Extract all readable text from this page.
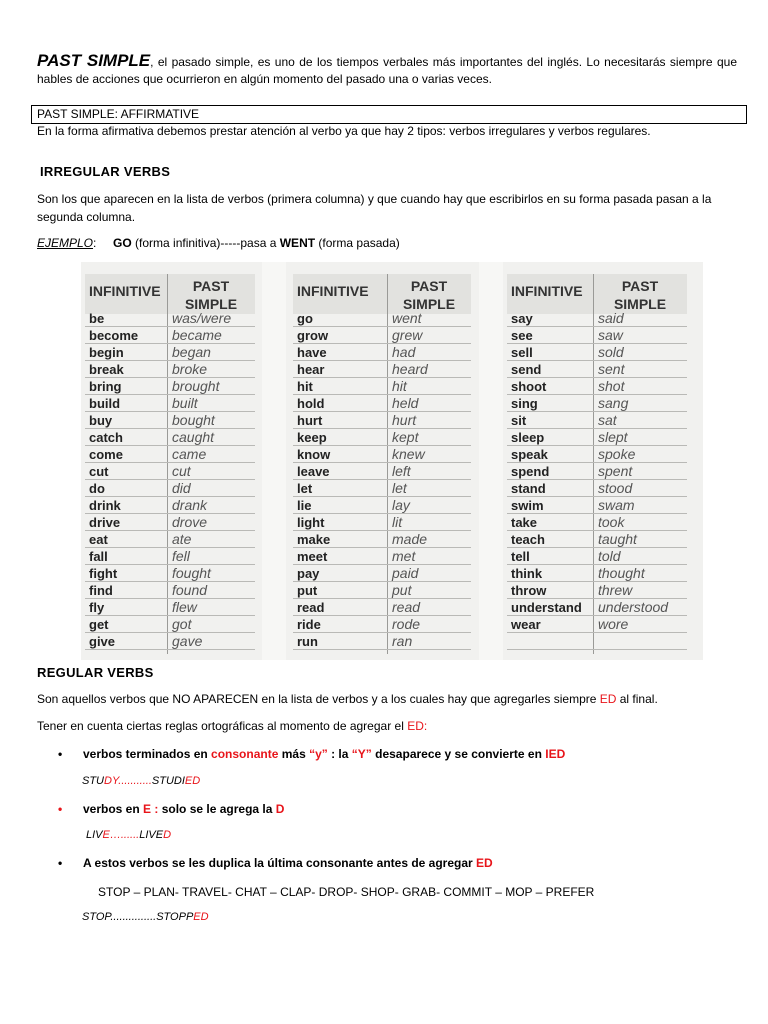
PAST SIMPLE, el pasado simple, es uno de los tiempos verbales más importantes del inglés. Lo necesitarás siempre que hables de acciones que ocurrieron en algún momento del pasado una o varias veces.
PAST SIMPLE: AFFIRMATIVE
En la forma afirmativa debemos prestar atención al verbo ya que hay 2 tipos: verbos irregulares y verbos regulares.
IRREGULAR VERBS
Son los que aparecen en la lista de verbos (primera columna) y que cuando hay que escribirlos en su forma pasada pasan a la segunda columna.
EJEMPLO: GO (forma infinitiva)-----pasa a WENT (forma pasada)
INFINITIVE	PAST
SIMPLE
be	was/were
become became
begin	began
break	broke
bring	brought
build	built
buy	bought
catch	caught
come	came
cut	cut
do	did
drink	drank
drive	drove
eat	ate
fall	fell
fight	fought
find	found
fly	flew
get	got
give	gave
INFINITIVE	PAST
SIMPLE
go	went
grow	grew
have	had
hear	heard
hit	hit
hold	held
hurt	hurt
keep	kept
know	knew
leave	left
let	let
lie	lay
light	lit
make	made
meet	met
pay	paid
put	put
read	read
ride	rode
run	ran
INFINITIVE	PAST
SIMPLE
say	said
see	saw
sell	sold
send	sent
shoot	shot
sing	sang
sit	sat
sleep	slept
speak	spoke
spend	spent
stand	stood
swim	swam
take	took
teach	taught
tell	told
think	thought
throw	threw
understand understood
wear	wore
REGULAR VERBS
Son aquellos verbos que NO APARECEN en la lista de verbos y a los cuales hay que agregarles siempre ED al final.
Tener en cuenta ciertas reglas ortográficas al momento de agregar el ED:
• verbos terminados en consonante más “y” : la “Y” desaparece y se convierte en IED
STUDY...........STUDIED
• verbos en E : solo se le agrega la D
LIVE…......LIVED
• A estos verbos se les duplica la última consonante antes de agregar ED
STOP – PLAN- TRAVEL- CHAT – CLAP- DROP- SHOP- GRAB- COMMIT – MOP – PREFER
STOP...............STOPPED
